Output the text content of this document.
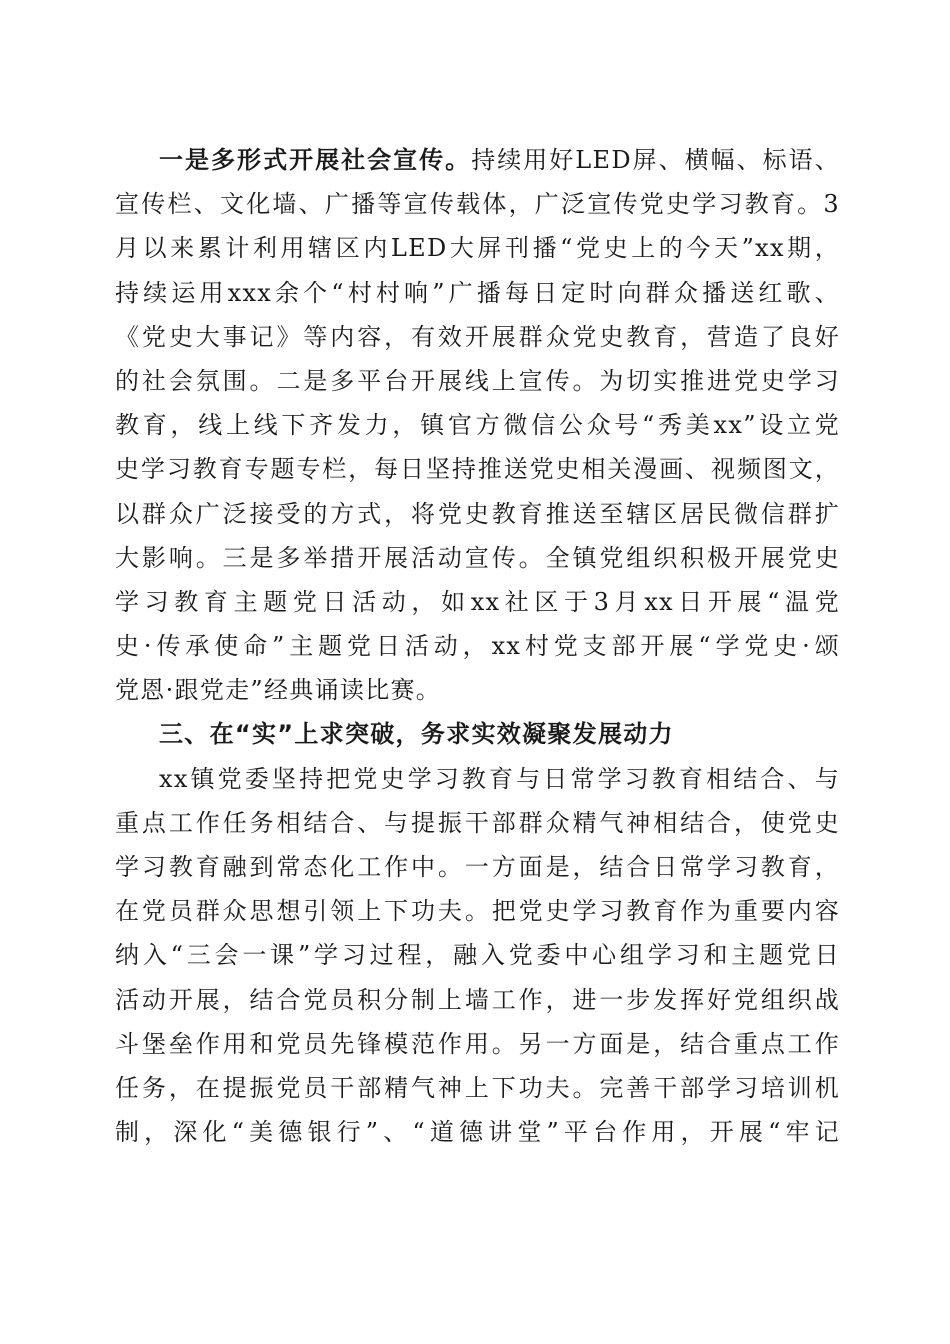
一是多形式开展社会宣传。持续用好LED屏、横幅、标语、
宣传栏、文化墙、广播等宣传载体，广泛宣传党史学习教育。3
月以来累计利用辖区内LED大屏刊播“党史上的今天”xx期，
持续运用xxx余个“村村响”广播每日定时向群众播送红歌、
《党史大事记》等内容，有效开展群众党史教育，营造了良好
的社会氛围。二是多平台开展线上宣传。为切实推进党史学习
教育，线上线下齐发力，镇官方微信公众号“秀美xx”设立党
史学习教育专题专栏，每日坚持推送党史相关漫画、视频图文，
以群众广泛接受的方式，将党史教育推送至辖区居民微信群扩
大影响。三是多举措开展活动宣传。全镇党组织积极开展党史
学习教育主题党日活动，如xx社区于3月xx日开展“温党
史·传承使命”主题党日活动，xx村党支部开展“学党史·颂
党恩·跟党走”经典诵读比赛。
三、在“实”上求突破，务求实效凝聚发展动力
xx镇党委坚持把党史学习教育与日常学习教育相结合、与
重点工作任务相结合、与提振干部群众精气神相结合，使党史
学习教育融到常态化工作中。一方面是，结合日常学习教育，
在党员群众思想引领上下功夫。把党史学习教育作为重要内容
纳入“三会一课”学习过程，融入党委中心组学习和主题党日
活动开展，结合党员积分制上墙工作，进一步发挥好党组织战
斗堡垒作用和党员先锋模范作用。另一方面是，结合重点工作
任务，在提振党员干部精气神上下功夫。完善干部学习培训机
制，深化“美德银行”、“道德讲堂”平台作用，开展“牢记
